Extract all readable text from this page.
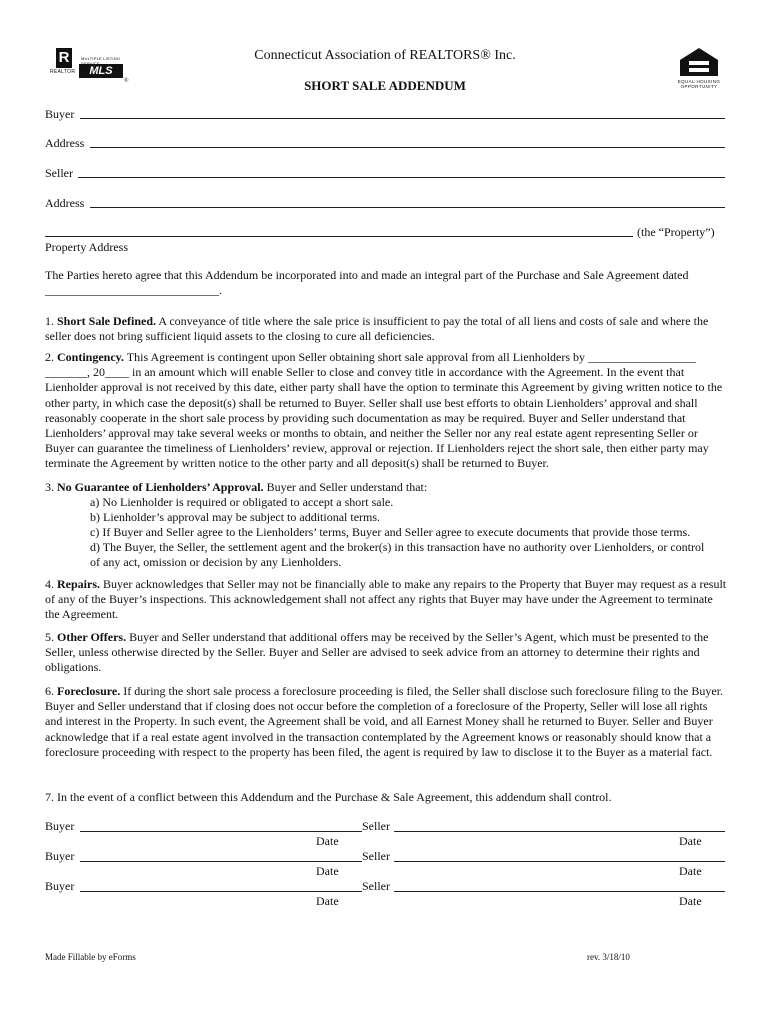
R
REALTOR
MULTIPLE LISTING
MLS
®	EQUAL HOUSING
OPPORTUNITY
Connecticut Association of REALTORS® Inc.
SHORT SALE ADDENDUM
Buyer
Address
Seller
Address
(the “Property”)
Property Address
The Parties hereto agree that this Addendum be incorporated into and made an integral part of the Purchase and Sale Agreement dated
_____________________________.
1. Short Sale Defined. A conveyance of title where the sale price is insufficient to pay the total of all liens and costs of sale and where the seller does not bring sufficient liquid assets to the closing to cure all deficiencies.
2. Contingency. This Agreement is contingent upon Seller obtaining short sale approval from all Lienholders by __________________ _______, 20____ in an amount which will enable Seller to close and convey title in accordance with the Agreement. In the event that Lienholder approval is not received by this date, either party shall have the option to terminate this Agreement by giving written notice to the other party, in which case the deposit(s) shall be returned to Buyer. Seller shall use best efforts to obtain Lienholders’ approval and shall reasonably cooperate in the short sale process by providing such documentation as may be required. Buyer and Seller understand that Lienholders’ approval may take several weeks or months to obtain, and neither the Seller nor any real estate agent representing Seller or Buyer can guarantee the timeliness of Lienholders’ review, approval or rejection. If Lienholders reject the short sale, then either party may terminate the Agreement by written notice to the other party and all deposit(s) shall be returned to Buyer.
3. No Guarantee of Lienholders’ Approval. Buyer and Seller understand that:
a) No Lienholder is required or obligated to accept a short sale.
b) Lienholder’s approval may be subject to additional terms.
c) If Buyer and Seller agree to the Lienholders’ terms, Buyer and Seller agree to execute documents that provide those terms.
d) The Buyer, the Seller, the settlement agent and the broker(s) in this transaction have no authority over Lienholders, or control of any act, omission or decision by any Lienholders.
4. Repairs. Buyer acknowledges that Seller may not be financially able to make any repairs to the Property that Buyer may request as a result of any of the Buyer’s inspections. This acknowledgement shall not affect any rights that Buyer may have under the Agreement to terminate the Agreement.
5. Other Offers. Buyer and Seller understand that additional offers may be received by the Seller’s Agent, which must be presented to the Seller, unless otherwise directed by the Seller. Buyer and Seller are advised to seek advice from an attorney to determine their rights and obligations.
6. Foreclosure. If during the short sale process a foreclosure proceeding is filed, the Seller shall disclose such foreclosure filing to the Buyer. Buyer and Seller understand that if closing does not occur before the completion of a foreclosure of the Property, Seller will lose all rights and interest in the Property. In such event, the Agreement shall be void, and all Earnest Money shall he returned to Buyer. Seller and Buyer acknowledge that if a real estate agent involved in the transaction contemplated by the Agreement knows or reasonably should know that a foreclosure proceeding with respect to the property has been filed, the agent is required by law to disclose it to the Buyer as a material fact.
7. In the event of a conflict between this Addendum and the Purchase & Sale Agreement, this addendum shall control.
Buyer	Seller
Date	Date
Buyer	Seller
Date	Date
Buyer	Seller
Date	Date
Made Fillable by eForms	rev. 3/18/10
